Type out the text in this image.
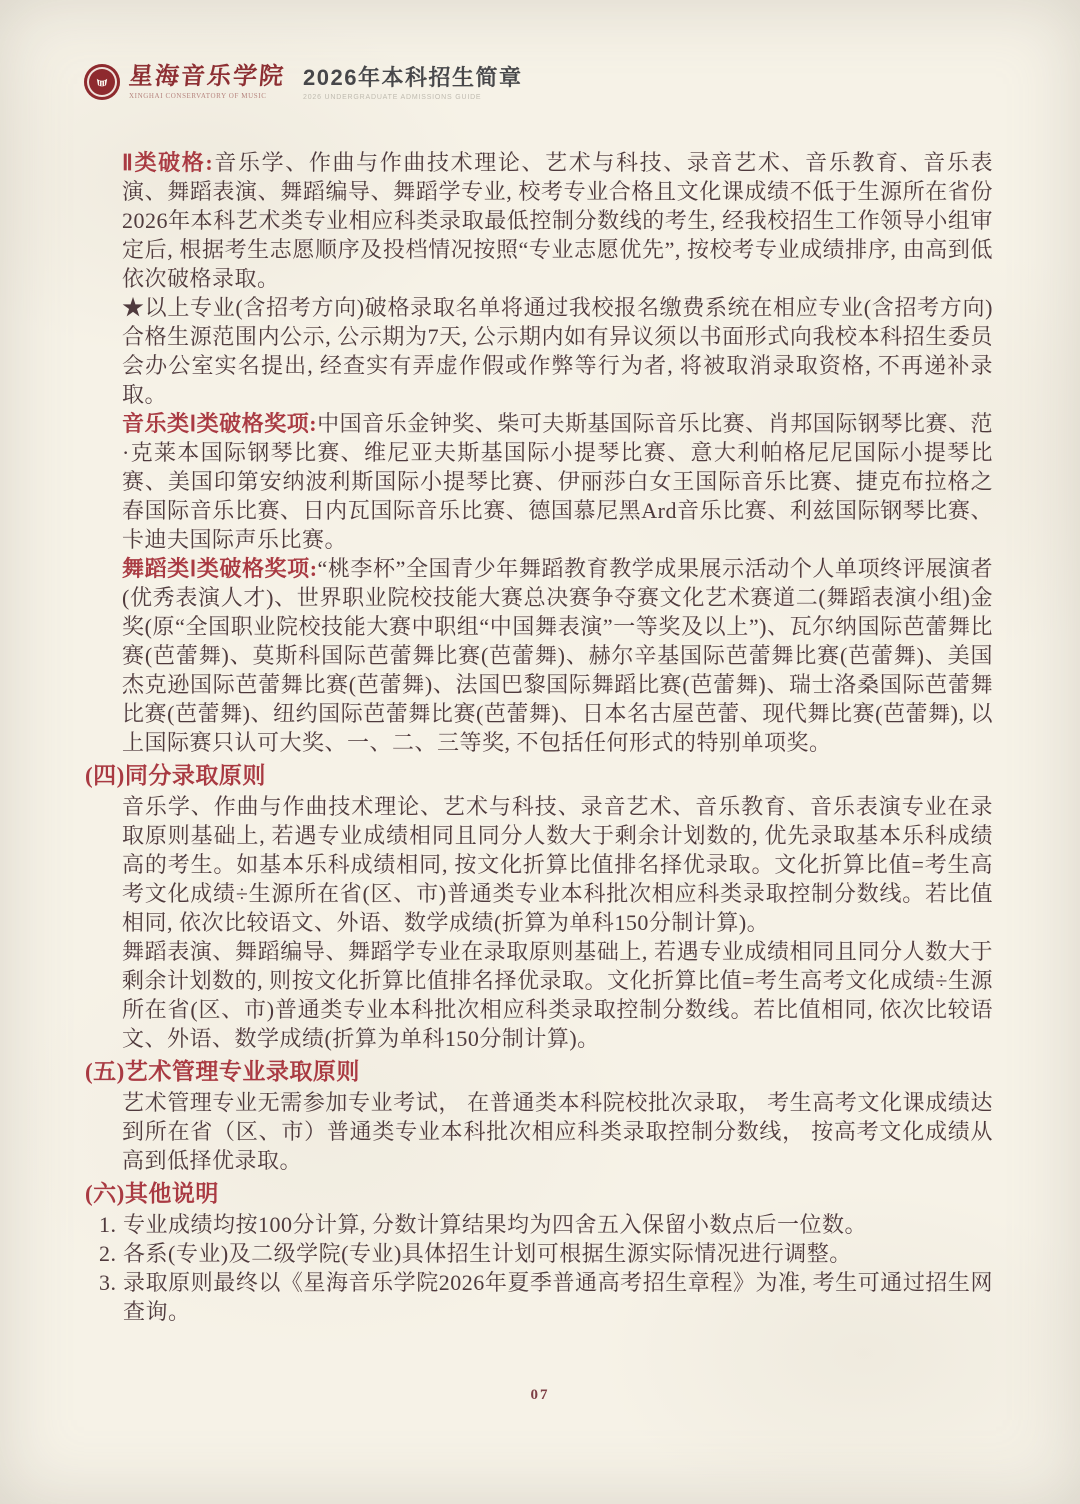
星海音乐学院
XINGHAI CONSERVATORY OF MUSIC
2026年本科招生简章
2026 UNDERGRADUATE ADMISSIONS GUIDE

Ⅱ类破格:音乐学、作曲与作曲技术理论、艺术与科技、录音艺术、音乐教育、音乐表演、舞蹈表演、舞蹈编导、舞蹈学专业, 校考专业合格且文化课成绩不低于生源所在省份2026年本科艺术类专业相应科类录取最低控制分数线的考生, 经我校招生工作领导小组审定后, 根据考生志愿顺序及投档情况按照“专业志愿优先”, 按校考专业成绩排序, 由高到低依次破格录取。

★以上专业(含招考方向)破格录取名单将通过我校报名缴费系统在相应专业(含招考方向)合格生源范围内公示, 公示期为7天, 公示期内如有异议须以书面形式向我校本科招生委员会办公室实名提出, 经查实有弄虚作假或作弊等行为者, 将被取消录取资格, 不再递补录取。

音乐类Ⅰ类破格奖项:中国音乐金钟奖、柴可夫斯基国际音乐比赛、肖邦国际钢琴比赛、范·克莱本国际钢琴比赛、维尼亚夫斯基国际小提琴比赛、意大利帕格尼尼国际小提琴比赛、美国印第安纳波利斯国际小提琴比赛、伊丽莎白女王国际音乐比赛、捷克布拉格之春国际音乐比赛、日内瓦国际音乐比赛、德国慕尼黑Ard音乐比赛、利兹国际钢琴比赛、卡迪夫国际声乐比赛。

舞蹈类Ⅰ类破格奖项:“桃李杯”全国青少年舞蹈教育教学成果展示活动个人单项终评展演者(优秀表演人才)、世界职业院校技能大赛总决赛争夺赛文化艺术赛道二(舞蹈表演小组)金奖(原“全国职业院校技能大赛中职组“中国舞表演”一等奖及以上”)、瓦尔纳国际芭蕾舞比赛(芭蕾舞)、莫斯科国际芭蕾舞比赛(芭蕾舞)、赫尔辛基国际芭蕾舞比赛(芭蕾舞)、美国杰克逊国际芭蕾舞比赛(芭蕾舞)、法国巴黎国际舞蹈比赛(芭蕾舞)、瑞士洛桑国际芭蕾舞比赛(芭蕾舞)、纽约国际芭蕾舞比赛(芭蕾舞)、日本名古屋芭蕾、现代舞比赛(芭蕾舞), 以上国际赛只认可大奖、一、二、三等奖, 不包括任何形式的特别单项奖。

(四)同分录取原则

音乐学、作曲与作曲技术理论、艺术与科技、录音艺术、音乐教育、音乐表演专业在录取原则基础上, 若遇专业成绩相同且同分人数大于剩余计划数的, 优先录取基本乐科成绩高的考生。如基本乐科成绩相同, 按文化折算比值排名择优录取。文化折算比值=考生高考文化成绩÷生源所在省(区、市)普通类专业本科批次相应科类录取控制分数线。若比值相同, 依次比较语文、外语、数学成绩(折算为单科150分制计算)。

舞蹈表演、舞蹈编导、舞蹈学专业在录取原则基础上, 若遇专业成绩相同且同分人数大于剩余计划数的, 则按文化折算比值排名择优录取。文化折算比值=考生高考文化成绩÷生源所在省(区、市)普通类专业本科批次相应科类录取控制分数线。若比值相同, 依次比较语文、外语、数学成绩(折算为单科150分制计算)。

(五)艺术管理专业录取原则

艺术管理专业无需参加专业考试， 在普通类本科院校批次录取， 考生高考文化课成绩达到所在省（区、市）普通类专业本科批次相应科类录取控制分数线， 按高考文化成绩从高到低择优录取。

(六)其他说明
1. 专业成绩均按100分计算, 分数计算结果均为四舍五入保留小数点后一位数。
2. 各系(专业)及二级学院(专业)具体招生计划可根据生源实际情况进行调整。
3. 录取原则最终以《星海音乐学院2026年夏季普通高考招生章程》为准, 考生可通过招生网查询。
07
